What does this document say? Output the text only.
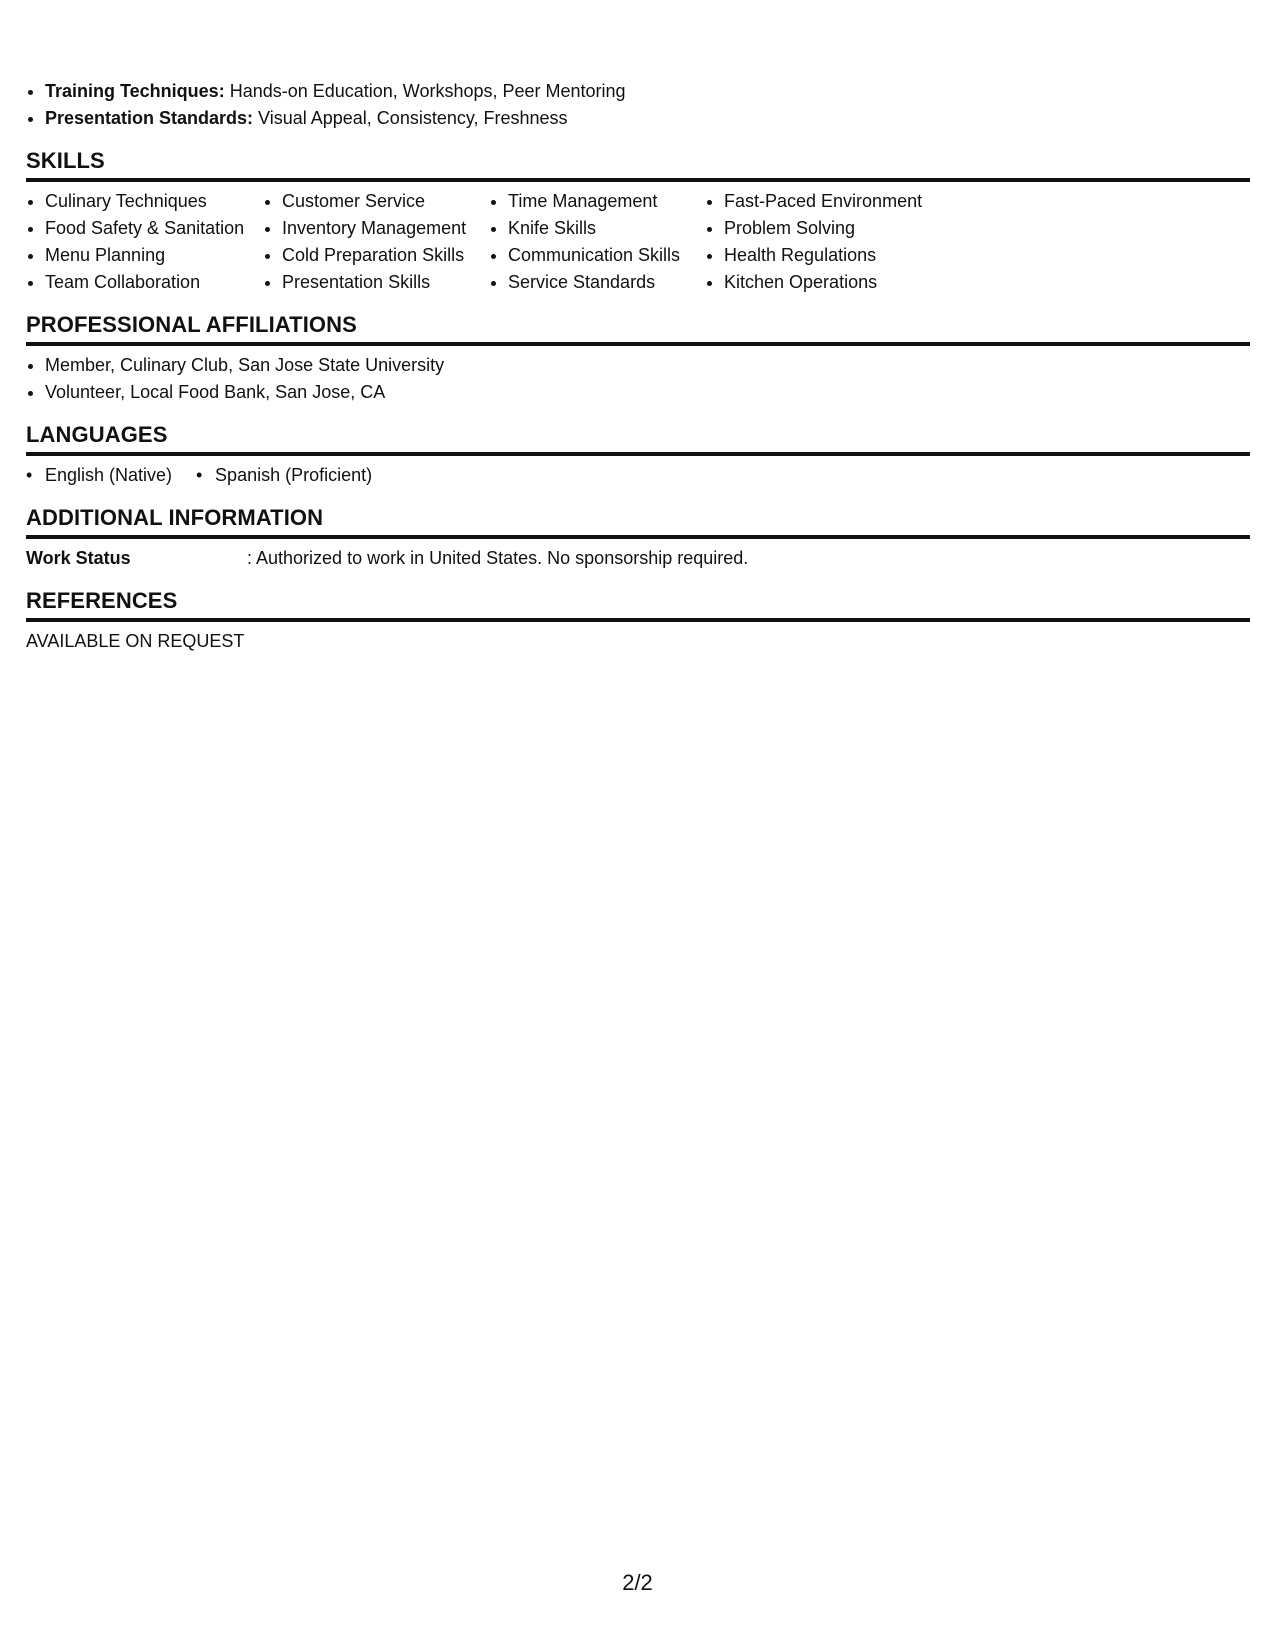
• Training Techniques: Hands-on Education, Workshops, Peer Mentoring
• Presentation Standards: Visual Appeal, Consistency, Freshness
SKILLS
• Culinary Techniques
• Food Safety & Sanitation
• Menu Planning
• Team Collaboration
• Customer Service
• Inventory Management
• Cold Preparation Skills
• Presentation Skills
• Time Management
• Knife Skills
• Communication Skills
• Service Standards
• Fast-Paced Environment
• Problem Solving
• Health Regulations
• Kitchen Operations
PROFESSIONAL AFFILIATIONS
• Member, Culinary Club, San Jose State University
• Volunteer, Local Food Bank, San Jose, CA
LANGUAGES
• English (Native)
•	Spanish (Proficient)
ADDITIONAL INFORMATION
Work Status	: Authorized to work in United States. No sponsorship required.
REFERENCES

AVAILABLE ON REQUEST

2/2
